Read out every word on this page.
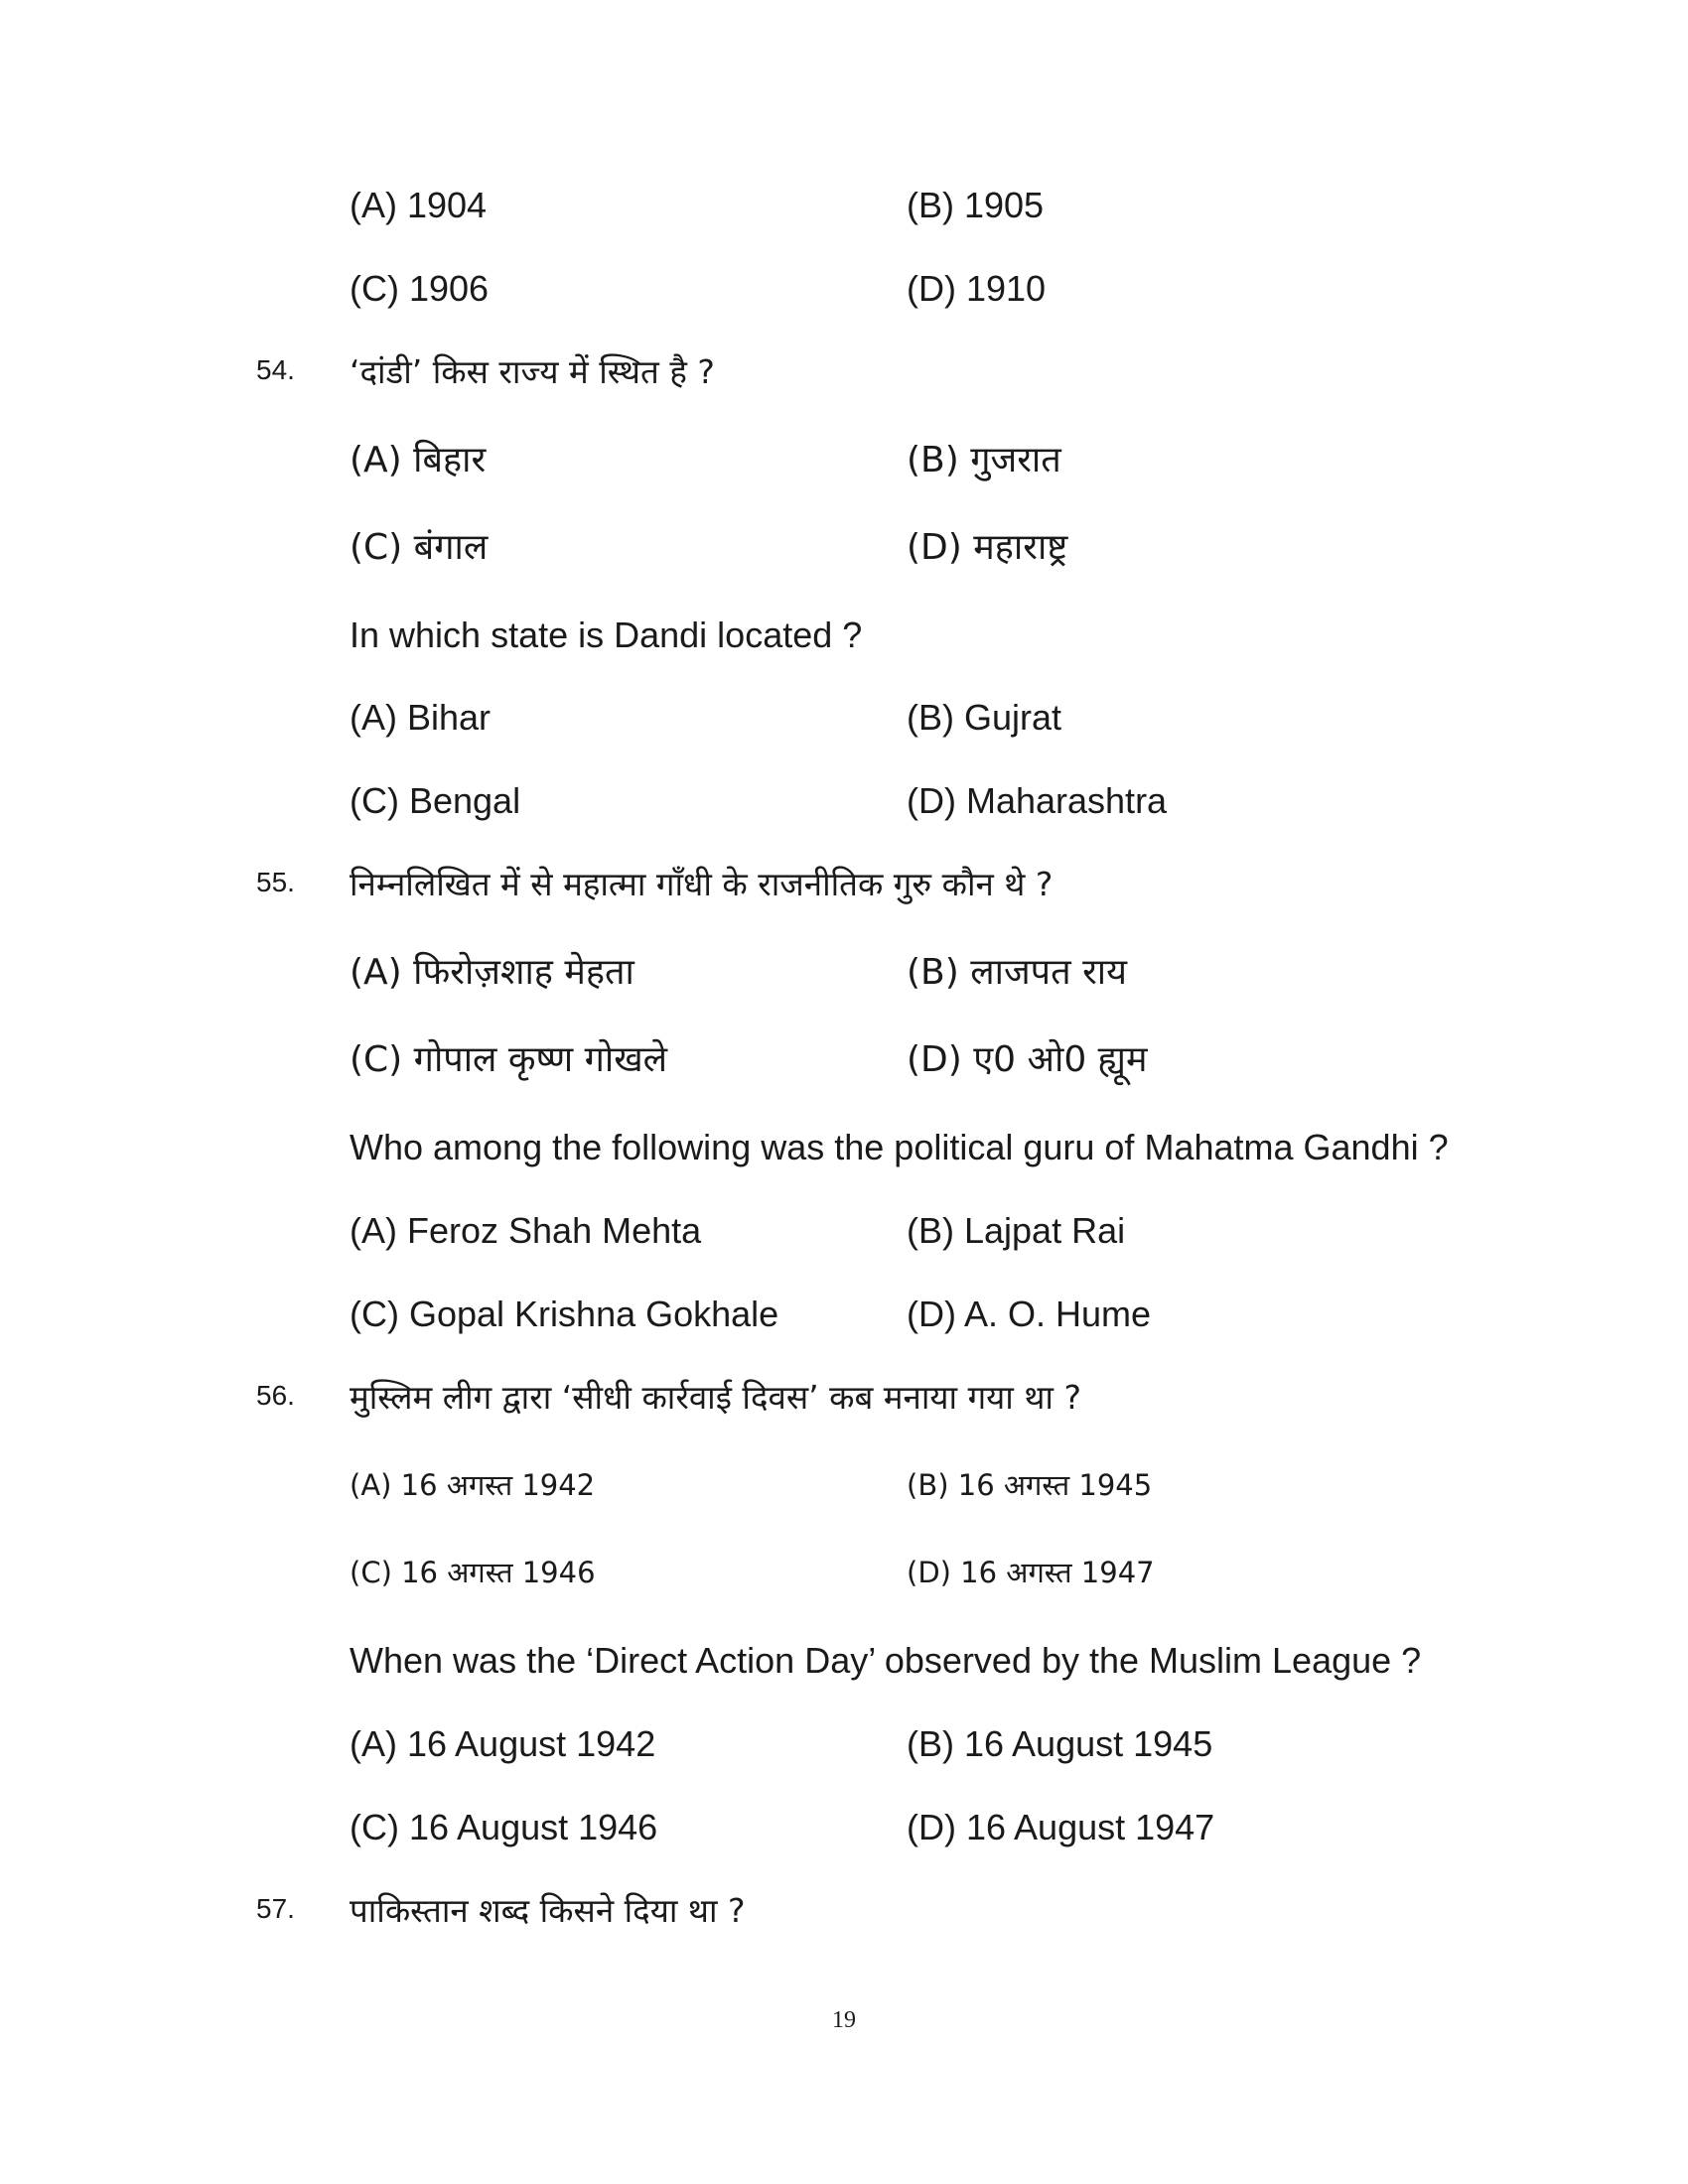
(A) 1904	(B) 1905
(C) 1906	(D) 1910
54. ‘दांडी’ किस राज्य में स्थित है ?
(A) बिहार	(B) गुजरात
(C) बंगाल	(D) महाराष्ट्र
In which state is Dandi located ?
(A) Bihar	(B) Gujrat
(C) Bengal	(D) Maharashtra
55. निम्नलिखित में से महात्मा गाँधी के राजनीतिक गुरु कौन थे ?
(A) फिरोज़शाह मेहता	(B) लाजपत राय
(C) गोपाल कृष्ण गोखले	(D) ए0 ओ0 ह्यूम
Who among the following was the political guru of Mahatma Gandhi ?
(A) Feroz Shah Mehta	(B) Lajpat Rai
(C) Gopal Krishna Gokhale	(D) A. O. Hume
56. मुस्लिम लीग द्वारा ‘सीधी कार्रवाई दिवस’ कब मनाया गया था ?
(A) 16 अगस्त 1942	(B) 16 अगस्त 1945
(C) 16 अगस्त 1946	(D) 16 अगस्त 1947
When was the ‘Direct Action Day’ observed by the Muslim League ?
(A) 16 August 1942	(B) 16 August 1945
(C) 16 August 1946	(D) 16 August 1947
57. पाकिस्तान शब्द किसने दिया था ?
19
